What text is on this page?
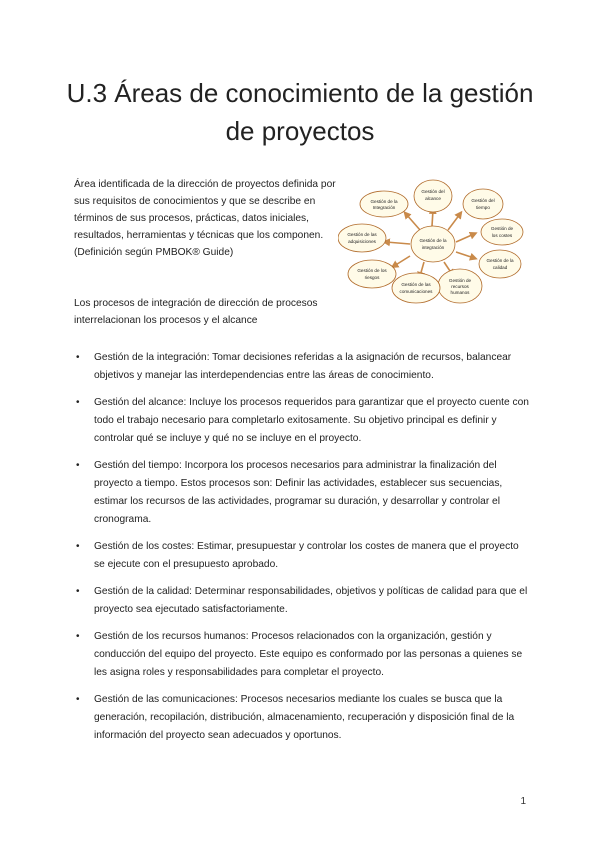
U.3 Áreas de conocimiento de la gestión de proyectos

Área identificada de la dirección de proyectos definida por sus requisitos de conocimientos y que se describe en términos de sus procesos, prácticas, datos iniciales, resultados, herramientas y técnicas que los componen. (Definición según PMBOK® Guide)

Gestión de la integración
Gestión de la Integración
Gestión del alcance	Gestión del tiempo
Gestión de los costes
Gestión de la calidad
Gestión de recursos humanos
Gestión de las comunicaciones
Gestión de los riesgos
Gestión de las adquisiciones

Los procesos de integración de dirección de procesos interrelacionan los procesos y el alcance

• Gestión de la integración: Tomar decisiones referidas a la asignación de recursos, balancear objetivos y manejar las interdependencias entre las áreas de conocimiento.
• Gestión del alcance: Incluye los procesos requeridos para garantizar que el proyecto cuente con todo el trabajo necesario para completarlo exitosamente. Su objetivo principal es definir y controlar qué se incluye y qué no se incluye en el proyecto.
• Gestión del tiempo: Incorpora los procesos necesarios para administrar la finalización del proyecto a tiempo. Estos procesos son: Definir las actividades, establecer sus secuencias, estimar los recursos de las actividades, programar su duración, y desarrollar y controlar el cronograma.
• Gestión de los costes: Estimar, presupuestar y controlar los costes de manera que el proyecto se ejecute con el presupuesto aprobado.
• Gestión de la calidad: Determinar responsabilidades, objetivos y políticas de calidad para que el proyecto sea ejecutado satisfactoriamente.
• Gestión de los recursos humanos: Procesos relacionados con la organización, gestión y conducción del equipo del proyecto. Este equipo es conformado por las personas a quienes se les asigna roles y responsabilidades para completar el proyecto.
• Gestión de las comunicaciones: Procesos necesarios mediante los cuales se busca que la generación, recopilación, distribución, almacenamiento, recuperación y disposición final de la información del proyecto sean adecuados y oportunos.
1
